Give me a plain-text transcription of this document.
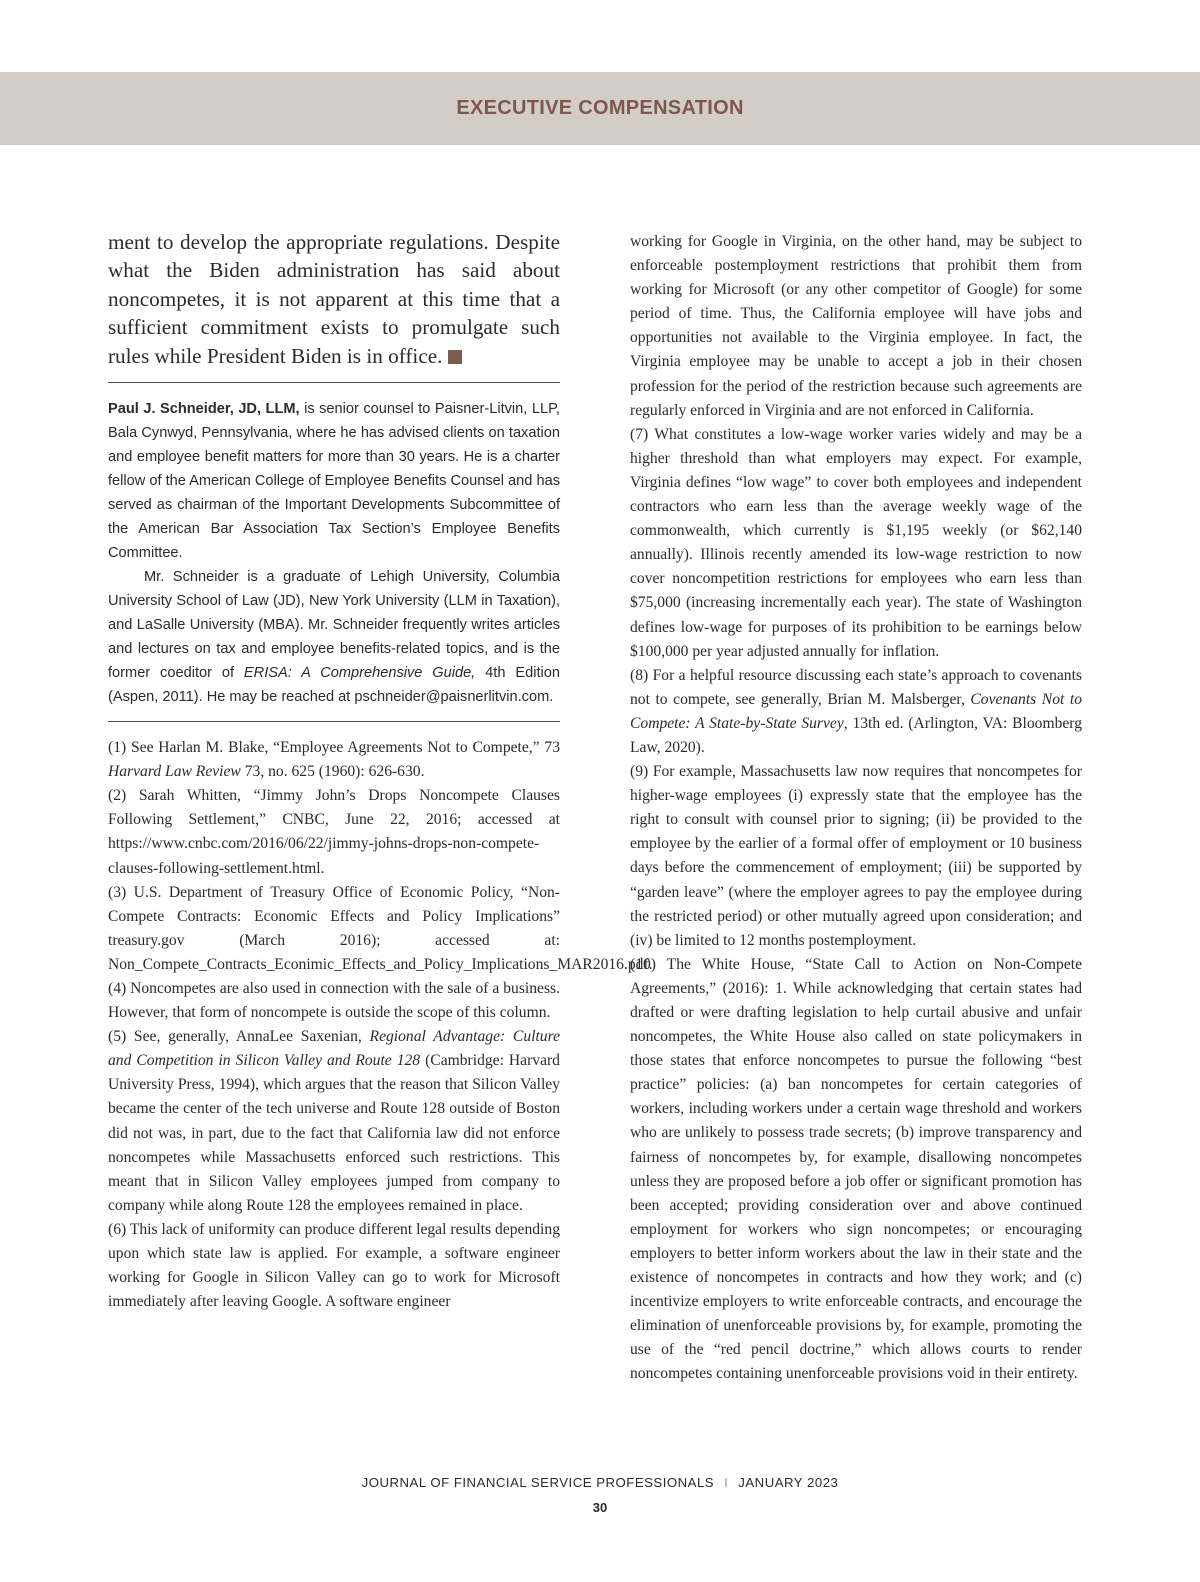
EXECUTIVE COMPENSATION

ment to develop the appropriate regulations. Despite what the Biden administration has said about noncompetes, it is not apparent at this time that a sufficient commitment exists to promulgate such rules while President Biden is in office.

Paul J. Schneider, JD, LLM, is senior counsel to Paisner-Litvin, LLP, Bala Cynwyd, Pennsylvania, where he has advised clients on taxation and employee benefit matters for more than 30 years. He is a charter fellow of the American College of Employee Benefits Counsel and has served as chairman of the Important Developments Subcommittee of the American Bar Association Tax Section’s Employee Benefits Committee.

Mr. Schneider is a graduate of Lehigh University, Columbia University School of Law (JD), New York University (LLM in Taxation), and LaSalle University (MBA). Mr. Schneider frequently writes articles and lectures on tax and employee benefits-related topics, and is the former coeditor of ERISA: A Comprehensive Guide, 4th Edition (Aspen, 2011). He may be reached at pschneider@paisnerlitvin.com.

(1) See Harlan M. Blake, “Employee Agreements Not to Compete,” 73 Harvard Law Review 73, no. 625 (1960): 626-630.

(2) Sarah Whitten, “Jimmy John’s Drops Noncompete Clauses Following Settlement,” CNBC, June 22, 2016; accessed at https://www.cnbc.com/2016/06/22/jimmy-johns-drops-non-compete-clauses-following-settlement.html.

(3) U.S. Department of Treasury Office of Economic Policy, “Non-Compete Contracts: Economic Effects and Policy Implications” treasury.gov (March 2016); accessed at: Non_Compete_Contracts_Econimic_Effects_and_Policy_Implications_MAR2016.pdf.

(4) Noncompetes are also used in connection with the sale of a business. However, that form of noncompete is outside the scope of this column.

(5) See, generally, AnnaLee Saxenian, Regional Advantage: Culture and Competition in Silicon Valley and Route 128 (Cambridge: Harvard University Press, 1994), which argues that the reason that Silicon Valley became the center of the tech universe and Route 128 outside of Boston did not was, in part, due to the fact that California law did not enforce noncompetes while Massachusetts enforced such restrictions. This meant that in Silicon Valley employees jumped from company to company while along Route 128 the employees remained in place.

(6) This lack of uniformity can produce different legal results depending upon which state law is applied. For example, a software engineer working for Google in Silicon Valley can go to work for Microsoft immediately after leaving Google. A software engineer

working for Google in Virginia, on the other hand, may be subject to enforceable postemployment restrictions that prohibit them from working for Microsoft (or any other competitor of Google) for some period of time. Thus, the California employee will have jobs and opportunities not available to the Virginia employee. In fact, the Virginia employee may be unable to accept a job in their chosen profession for the period of the restriction because such agreements are regularly enforced in Virginia and are not enforced in California.

(7) What constitutes a low-wage worker varies widely and may be a higher threshold than what employers may expect. For example, Virginia defines “low wage” to cover both employees and independent contractors who earn less than the average weekly wage of the commonwealth, which currently is $1,195 weekly (or $62,140 annually). Illinois recently amended its low-wage restriction to now cover noncompetition restrictions for employees who earn less than $75,000 (increasing incrementally each year). The state of Washington defines low-wage for purposes of its prohibition to be earnings below $100,000 per year adjusted annually for inflation.

(8) For a helpful resource discussing each state’s approach to covenants not to compete, see generally, Brian M. Malsberger, Covenants Not to Compete: A State-by-State Survey, 13th ed. (Arlington, VA: Bloomberg Law, 2020).

(9) For example, Massachusetts law now requires that noncompetes for higher-wage employees (i) expressly state that the employee has the right to consult with counsel prior to signing; (ii) be provided to the employee by the earlier of a formal offer of employment or 10 business days before the commencement of employment; (iii) be supported by “garden leave” (where the employer agrees to pay the employee during the restricted period) or other mutually agreed upon consideration; and (iv) be limited to 12 months postemployment.

(10) The White House, “State Call to Action on Non-Compete Agreements,” (2016): 1. While acknowledging that certain states had drafted or were drafting legislation to help curtail abusive and unfair noncompetes, the White House also called on state policymakers in those states that enforce noncompetes to pursue the following “best practice” policies: (a) ban noncompetes for certain categories of workers, including workers under a certain wage threshold and workers who are unlikely to possess trade secrets; (b) improve transparency and fairness of noncompetes by, for example, disallowing noncompetes unless they are proposed before a job offer or significant promotion has been accepted; providing consideration over and above continued employment for workers who sign noncompetes; or encouraging employers to better inform workers about the law in their state and the existence of noncompetes in contracts and how they work; and (c) incentivize employers to write enforceable contracts, and encourage the elimination of unenforceable provisions by, for example, promoting the use of the “red pencil doctrine,” which allows courts to render noncompetes containing unenforceable provisions void in their entirety.

JOURNAL OF FINANCIAL SERVICE PROFESSIONALS I JANUARY 2023
30
